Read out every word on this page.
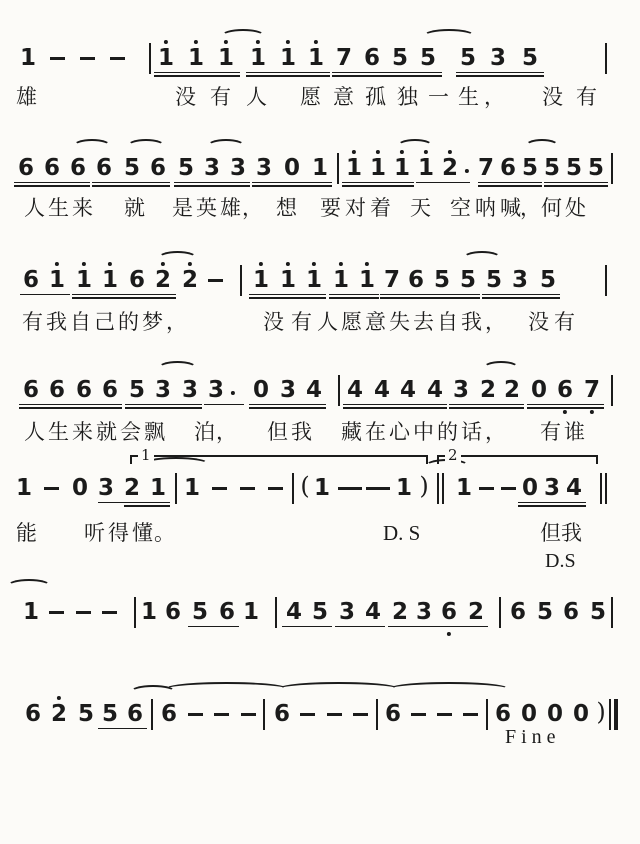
1	1 1 1 1 1 1 7 6 5 5 5 3 5
雄	没 有 人 愿 意 孤 独 一 生 ， 没 有
6 6 6 6 5 6 5 3 3 3 0 1 1 1 1 1 2 7 6 5 5 5 5
人 生 来 就 是 英 雄 ， 想 要 对 着 天 空 呐 喊 ， 何 处
6 1 1 1 6 2 2 1 1 1 1 1 7 6 5 5 5 3 5
有 我 自 己 的 梦 ，	没 有 人 愿 意 失 去 自 我 ， 没 有
6 6 6 6 5 3 3 3 0 3 4 4 4 4 4 3 2 2 0 6 7
人 生 来 就 会 飘 泊 ， 但 我 藏 在 心 中 的 话 ， 有 谁
1 0 3 2 1 1	( 1	1 ) 1 0 3 4
能 听 得 懂 。	D. S	但我
1	1 6 5 6 1 4 5 3 4 2 3 6 2 6 5 6 5
6 2 5 5 6 6	6	6	6 0 0 0 )
1	2
D.S
F i n e
